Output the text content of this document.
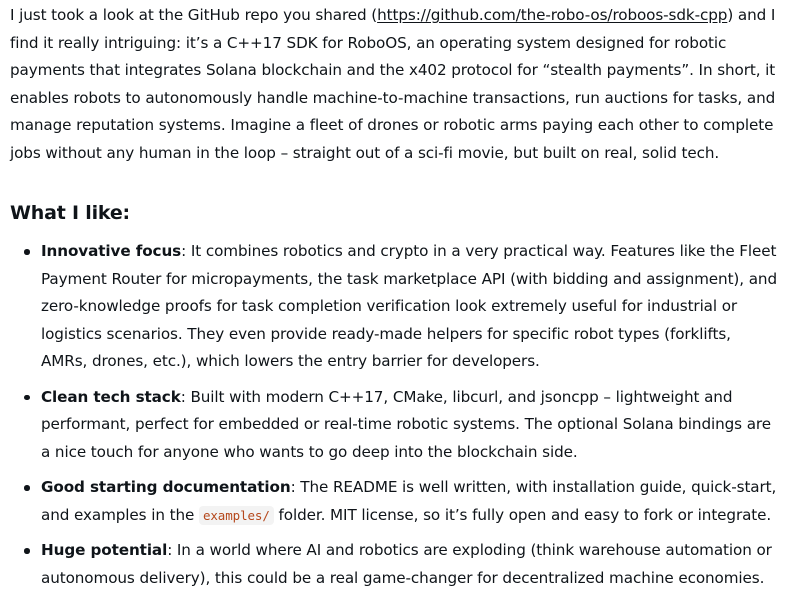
I just took a look at the GitHub repo you shared (https://github.com/the-robo-os/roboos-sdk-cpp) and I find it really intriguing: it’s a C++17 SDK for RoboOS, an operating system designed for robotic payments that integrates Solana blockchain and the x402 protocol for “stealth payments”. In short, it enables robots to autonomously handle machine-to-machine transactions, run auctions for tasks, and manage reputation systems. Imagine a fleet of drones or robotic arms paying each other to complete jobs without any human in the loop – straight out of a sci-fi movie, but built on real, solid tech.

What I like:
Innovative focus: It combines robotics and crypto in a very practical way. Features like the Fleet Payment Router for micropayments, the task marketplace API (with bidding and assignment), and zero-knowledge proofs for task completion verification look extremely useful for industrial or logistics scenarios. They even provide ready-made helpers for specific robot types (forklifts, AMRs, drones, etc.), which lowers the entry barrier for developers.
Clean tech stack: Built with modern C++17, CMake, libcurl, and jsoncpp – lightweight and performant, perfect for embedded or real-time robotic systems. The optional Solana bindings are a nice touch for anyone who wants to go deep into the blockchain side.
Good starting documentation: The README is well written, with installation guide, quick-start, and examples in the examples/ folder. MIT license, so it’s fully open and easy to fork or integrate.
Huge potential: In a world where AI and robotics are exploding (think warehouse automation or autonomous delivery), this could be a real game-changer for decentralized machine economies.
